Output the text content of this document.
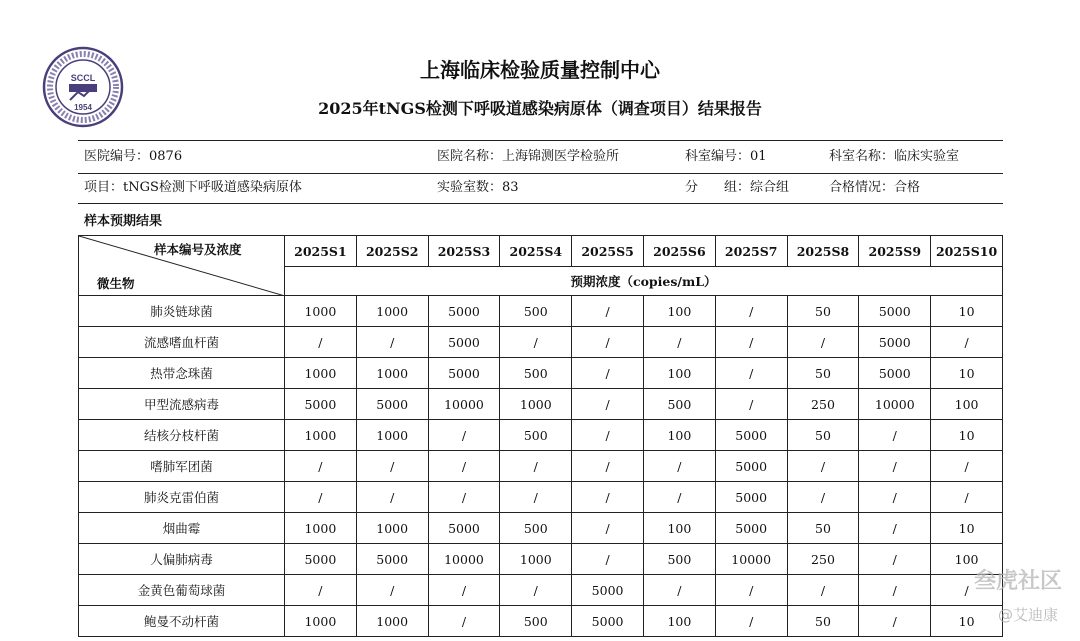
SCCL
1954
上海临床检验质量控制中心
2025年tNGS检测下呼吸道感染病原体（调查项目）结果报告
医院编号：0876	医院名称：上海锦测医学检验所	科室编号：01	科室名称：临床实验室
项目：tNGS检测下呼吸道感染病原体	实验室数：83	分　　组：综合组	合格情况：合格
样本预期结果
样本编号及浓度
微生物	2025S1	2025S2	2025S3	2025S4	2025S5	2025S6	2025S7	2025S8	2025S9	2025S10
	预期浓度（copies/mL）									
肺炎链球菌	1000	1000	5000	500	/	100	/	50	5000	10
流感嗜血杆菌	/	/	5000	/	/	/	/	/	5000	/
热带念珠菌	1000	1000	5000	500	/	100	/	50	5000	10
甲型流感病毒	5000	5000	10000	1000	/	500	/	250	10000	100
结核分枝杆菌	1000	1000	/	500	/	100	5000	50	/	10
嗜肺军团菌	/	/	/	/	/	/	5000	/	/	/
肺炎克雷伯菌	/	/	/	/	/	/	5000	/	/	/
烟曲霉	1000	1000	5000	500	/	100	5000	50	/	10
人偏肺病毒	5000	5000	10000	1000	/	500	10000	250	/	100
金黄色葡萄球菌	/	/	/	/	5000	/	/	/	/	/
鲍曼不动杆菌	1000	1000	/	500	5000	100	/	50	/	10
叁虎社区
@艾迪康
